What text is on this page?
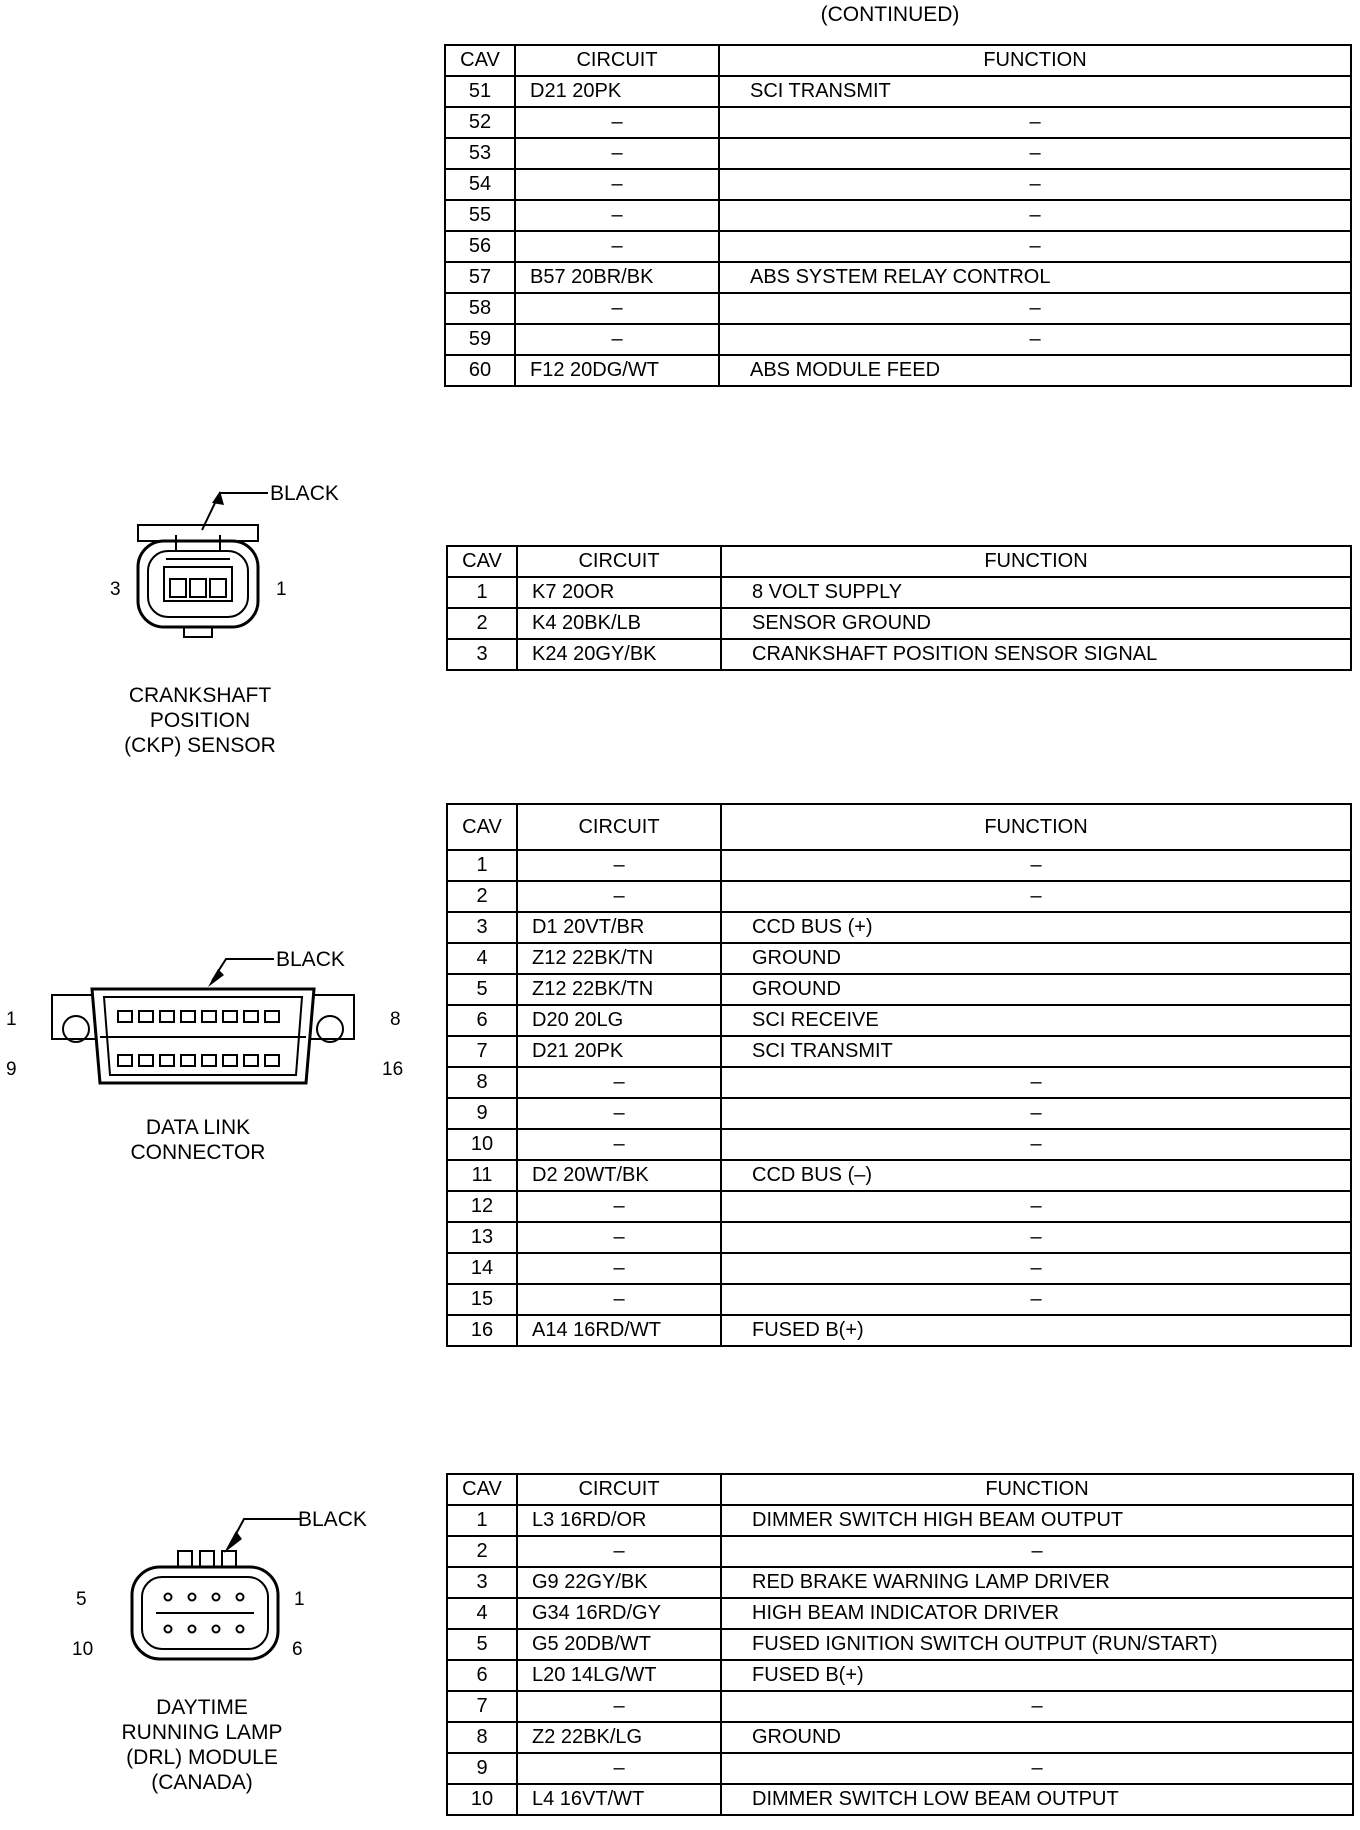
(CONTINUED)
CAV	CIRCUIT	FUNCTION
51	D21 20PK	SCI TRANSMIT
52	–	–
53	–	–
54	–	–
55	–	–
56	–	–
57	B57 20BR/BK	ABS SYSTEM RELAY CONTROL
58	–	–
59	–	–
60	F12 20DG/WT	ABS MODULE FEED
BLACK
3	1
CRANKSHAFT
POSITION
(CKP) SENSOR
CAV	CIRCUIT	FUNCTION
1	K7 20OR	8 VOLT SUPPLY
2	K4 20BK/LB	SENSOR GROUND
3	K24 20GY/BK	CRANKSHAFT POSITION SENSOR SIGNAL
BLACK
1	8
9	16
DATA LINK
CONNECTOR
CAV	CIRCUIT	FUNCTION
1	–	–
2	–	–
3	D1 20VT/BR	CCD BUS (+)
4	Z12 22BK/TN	GROUND
5	Z12 22BK/TN	GROUND
6	D20 20LG	SCI RECEIVE
7	D21 20PK	SCI TRANSMIT
8	–	–
9	–	–
10	–	–
11	D2 20WT/BK	CCD BUS (–)
12	–	–
13	–	–
14	–	–
15	–	–
16	A14 16RD/WT	FUSED B(+)
BLACK
5	1
10	6
DAYTIME
RUNNING LAMP
(DRL) MODULE
(CANADA)
CAV	CIRCUIT	FUNCTION
1	L3 16RD/OR	DIMMER SWITCH HIGH BEAM OUTPUT
2	–	–
3	G9 22GY/BK	RED BRAKE WARNING LAMP DRIVER
4	G34 16RD/GY	HIGH BEAM INDICATOR DRIVER
5	G5 20DB/WT	FUSED IGNITION SWITCH OUTPUT (RUN/START)
6	L20 14LG/WT	FUSED B(+)
7	–	–
8	Z2 22BK/LG	GROUND
9	–	–
10	L4 16VT/WT	DIMMER SWITCH LOW BEAM OUTPUT
